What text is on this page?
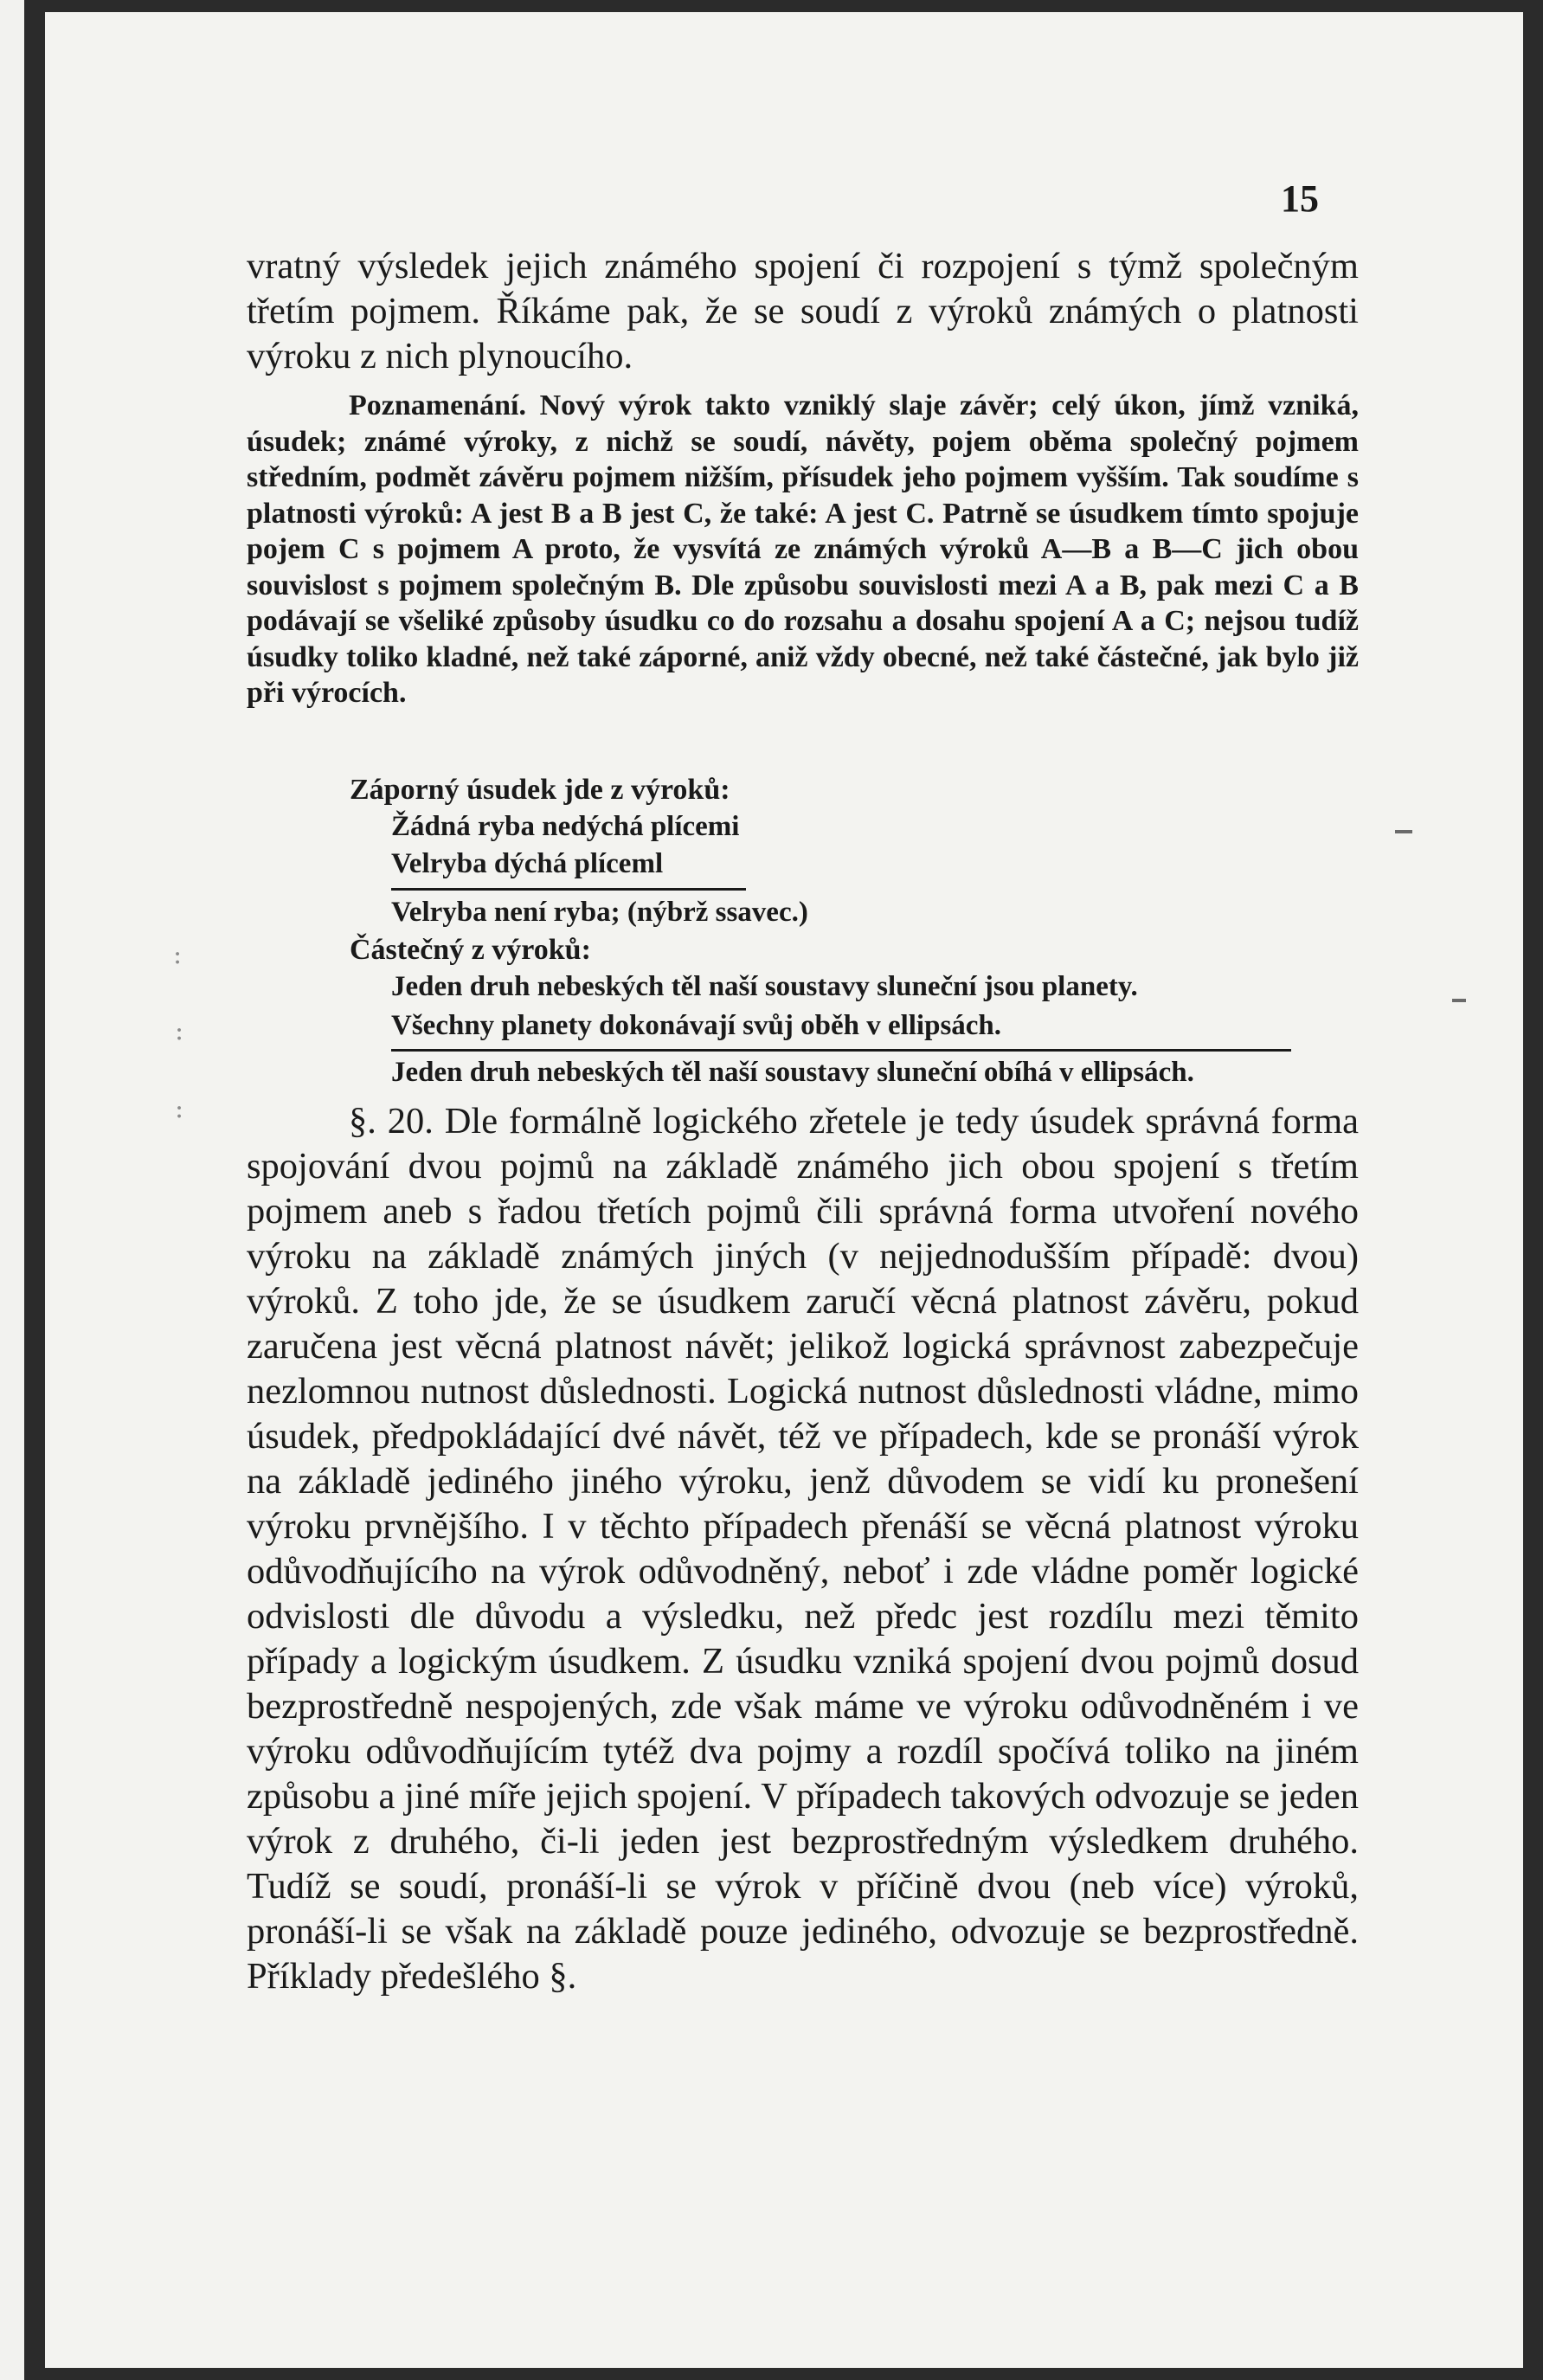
15

vratný výsledek jejich známého spojení či rozpojení s týmž společným třetím pojmem. Říkáme pak, že se soudí z výroků známých o platnosti výroku z nich plynoucího.

Poznamenání. Nový výrok takto vzniklý slaje závěr; celý úkon, jímž vzniká, úsudek; známé výroky, z nichž se soudí, návěty, pojem oběma společný pojmem středním, podmět závěru pojmem nižším, přísudek jeho pojmem vyšším. Tak soudíme s platnosti výroků: A jest B a B jest C, že také: A jest C. Patrně se úsudkem tímto spojuje pojem C s pojmem A proto, že vysvítá ze známých výroků A—B a B—C jich obou souvislost s pojmem společným B. Dle způsobu souvislosti mezi A a B, pak mezi C a B podávají se všeliké způsoby úsudku co do rozsahu a dosahu spojení A a C; nejsou tudíž úsudky toliko kladné, než také záporné, aniž vždy obecné, než také částečné, jak bylo již při výrocích.

Záporný úsudek jde z výroků:
Žádná ryba nedýchá plícemi
Velryba dýchá plíceml
Velryba není ryba; (nýbrž ssavec.)
Částečný z výroků:
Jeden druh nebeských těl naší soustavy sluneční jsou planety.
Všechny planety dokonávají svůj oběh v ellipsách.
Jeden druh nebeských těl naší soustavy sluneční obíhá v ellipsách.

§. 20. Dle formálně logického zřetele je tedy úsudek správná forma spojování dvou pojmů na základě známého jich obou spojení s třetím pojmem aneb s řadou třetích pojmů čili správná forma utvoření nového výroku na základě známých jiných (v nejjednodušším případě: dvou) výroků. Z toho jde, že se úsudkem zaručí věcná platnost závěru, pokud zaručena jest věcná platnost návět; jelikož logická správnost zabezpečuje nezlomnou nutnost důslednosti. Logická nutnost důslednosti vládne, mimo úsudek, předpokládající dvé návět, též ve případech, kde se pronáší výrok na základě jediného jiného výroku, jenž důvodem se vidí ku pronešení výroku prvnějšího. I v těchto případech přenáší se věcná platnost výroku odůvodňujícího na výrok odůvodněný, neboť i zde vládne poměr logické odvislosti dle důvodu a výsledku, než předc jest rozdílu mezi těmito případy a logickým úsudkem. Z úsudku vzniká spojení dvou pojmů dosud bezprostředně nespojených, zde však máme ve výroku odůvodněném i ve výroku odůvodňujícím tytéž dva pojmy a rozdíl spočívá toliko na jiném způsobu a jiné míře jejich spojení. V případech takových odvozuje se jeden výrok z druhého, či-li jeden jest bezprostředným výsledkem druhého. Tudíž se soudí, pronáší-li se výrok v příčině dvou (neb více) výroků, pronáší-li se však na základě pouze jediného, odvozuje se bezprostředně. Příklady předešlého §.

:
:
:
